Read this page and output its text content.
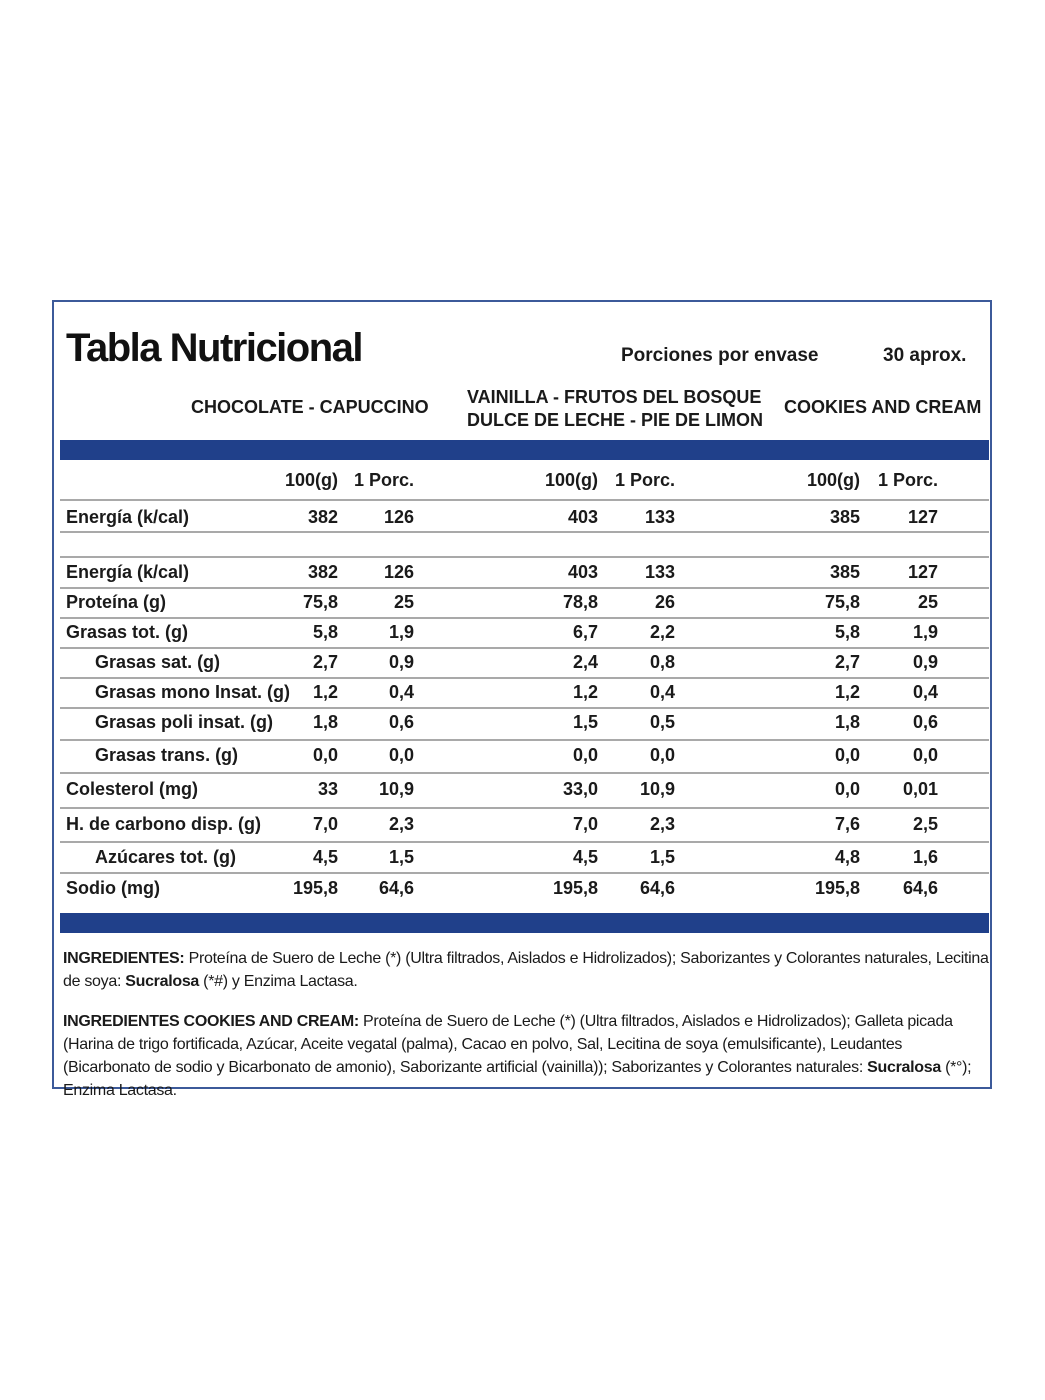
Tabla Nutricional	Porciones por envase	30 aprox.
CHOCOLATE - CAPUCCINO VAINILLA - FRUTOS DEL BOSQUE
DULCE DE LECHE - PIE DE LIMON
COOKIES AND CREAM
100(g) 1 Porc.	100(g) 1 Porc.	100(g) 1 Porc.
Energía (k/cal)	382	126	403	133	385	127
Energía (k/cal)	382	126	403	133	385	127
Proteína (g)	75,8	25	78,8	26	75,8	25
Grasas tot. (g)	5,8	1,9	6,7	2,2	5,8	1,9
Grasas sat. (g)	2,7	0,9	2,4	0,8	2,7	0,9
Grasas mono Insat. (g) 1,2	0,4	1,2	0,4	1,2	0,4
Grasas poli insat. (g) 1,8	0,6	1,5	0,5	1,8	0,6
Grasas trans. (g)	0,0	0,0	0,0	0,0	0,0	0,0
Colesterol (mg)	33 10,9	33,0 10,9	0,0 0,01
H. de carbono disp. (g)	7,0	2,3	7,0	2,3	7,6	2,5
Azúcares tot. (g)	4,5	1,5	4,5	1,5	4,8	1,6
Sodio (mg)	195,8 64,6	195,8 64,6	195,8 64,6
INGREDIENTES: Proteína de Suero de Leche (*) (Ultra filtrados, Aislados e Hidrolizados); Saborizantes y Colorantes naturales, Lecitina de soya: Sucralosa (*#) y Enzima Lactasa.
INGREDIENTES COOKIES AND CREAM: Proteína de Suero de Leche (*) (Ultra filtrados, Aislados e Hidrolizados); Galleta picada (Harina de trigo fortificada, Azúcar, Aceite vegatal (palma), Cacao en polvo, Sal, Lecitina de soya (emulsificante), Leudantes (Bicarbonato de sodio y Bicarbonato de amonio), Saborizante artificial (vainilla)); Saborizantes y Colorantes naturales: Sucralosa (*°); Enzima Lactasa.
